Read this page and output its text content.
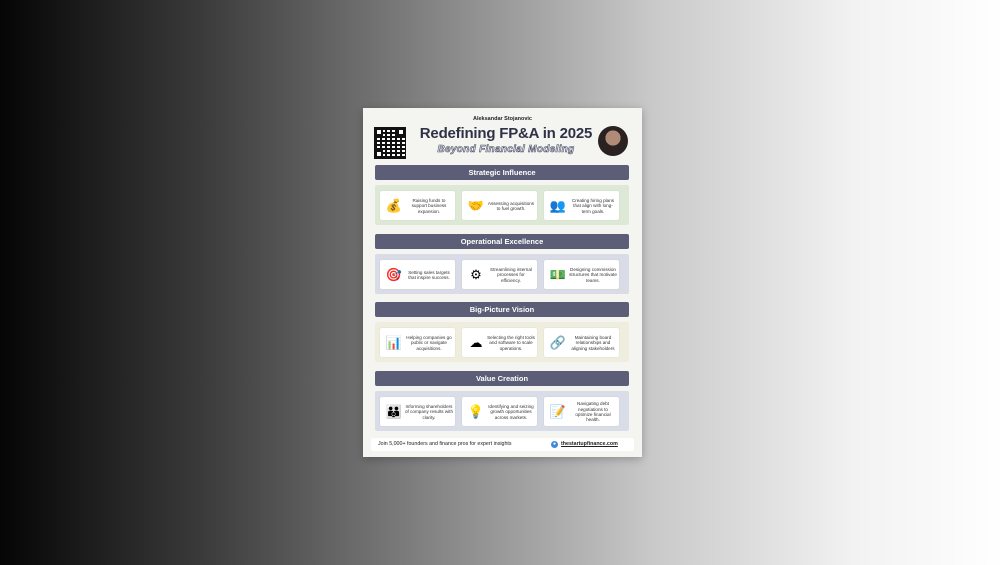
Aleksandar Stojanovic
Redefining FP&A in 2025
Beyond Financial Modeling
Strategic Influence
💰	Raising funds to support business expansion.	🤝 Assessing acquisitions to fuel growth.	👥	Creating hiring plans that align with long-term goals.
Operational Excellence
🎯	Setting sales targets that inspire success.	⚙	Streamlining internal processes for efficiency.	💵 Designing commission structures that motivate teams.
Big-Picture Vision
📊 Helping companies go public or navigate acquisitions.	☁	Selecting the right tools and software to scale operations.	🔗	Maintaining board relationships and aligning stakeholders
Value Creation
👪 Informing shareholders of company results with clarity.	💡 Identifying and seizing growth opportunities across markets.	📝
Navigating debt negotiations to optimize financial health.
Join 5,000+ founders and finance pros for expert insights	● thestartupfinance.com
